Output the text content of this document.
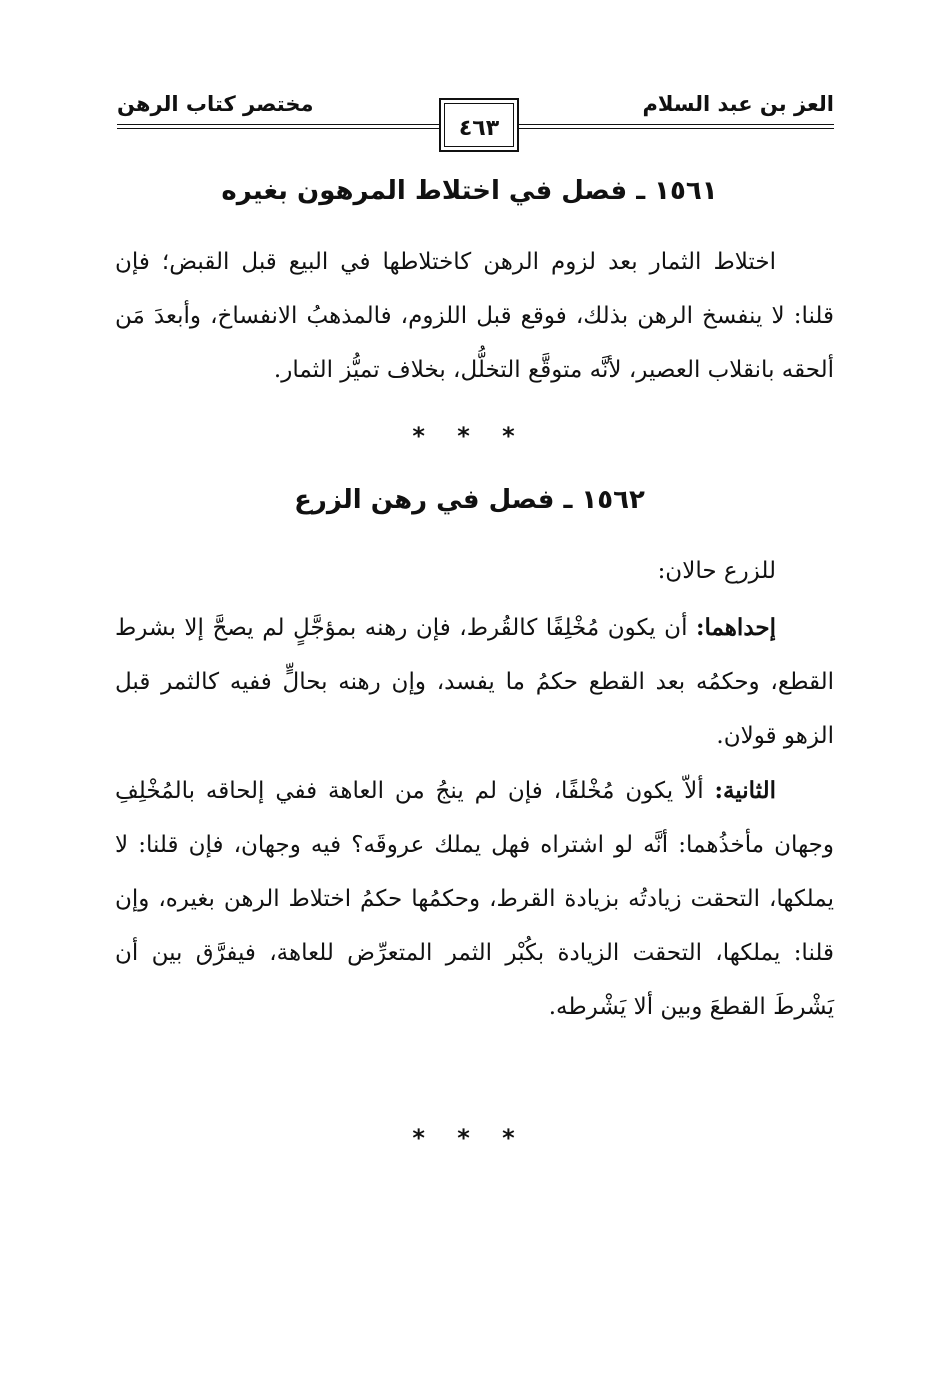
العز بن عبد السلام
مختصر كتاب الرهن
٤٦٣
١٥٦١ ـ فصل في اختلاط المرهون بغيره
اختلاط الثمار بعد لزوم الرهن كاختلاطها في البيع قبل القبض؛ فإن قلنا: لا ينفسخ الرهن بذلك، فوقع قبل اللزوم، فالمذهبُ الانفساخ، وأبعدَ مَن ألحقه بانقلاب العصير، لأنَّه متوقَّع التخلُّل، بخلاف تميُّز الثمار.
* * *
١٥٦٢ ـ فصل في رهن الزرع
للزرع حالان:
إحداهما: أن يكون مُخْلِفًا كالقُرط، فإن رهنه بمؤجَّلٍ لم يصحَّ إلا بشرط القطع، وحكمُه بعد القطع حكمُ ما يفسد، وإن رهنه بحالٍّ ففيه كالثمر قبل الزهو قولان.
الثانية: ألاّ يكون مُخْلفًا، فإن لم ينجُ من العاهة ففي إلحاقه بالمُخْلِفِ وجهان مأخذُهما: أنَّه لو اشتراه فهل يملك عروقَه؟ فيه وجهان، فإن قلنا: لا يملكها، التحقت زيادتُه بزيادة القرط، وحكمُها حكمُ اختلاط الرهن بغيره، وإن قلنا: يملكها، التحقت الزيادة بكُبْر الثمر المتعرِّض للعاهة، فيفرَّق بين أن يَشْرطَ القطعَ وبين ألا يَشْرطه.
* * *
